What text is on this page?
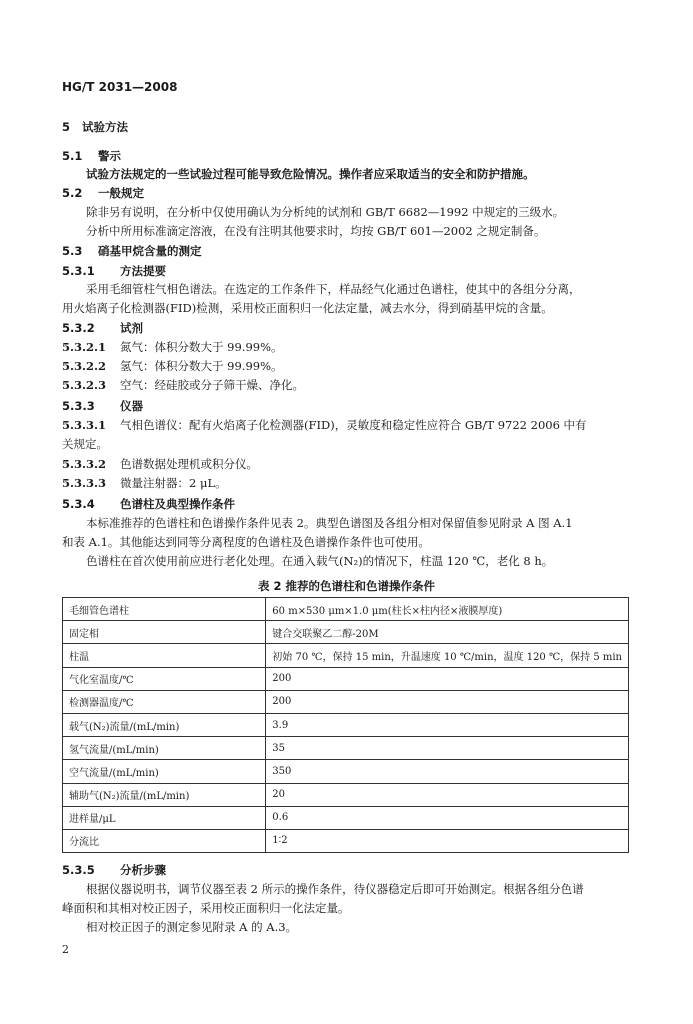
HG/T 2031—2008
5 试验方法
5.1 警示
试验方法规定的一些试验过程可能导致危险情况。操作者应采取适当的安全和防护措施。
5.2 一般规定
除非另有说明，在分析中仅使用确认为分析纯的试剂和 GB/T 6682—1992 中规定的三级水。
分析中所用标准滴定溶液，在没有注明其他要求时，均按 GB/T 601—2002 之规定制备。
5.3 硝基甲烷含量的测定
5.3.1 方法提要
采用毛细管柱气相色谱法。在选定的工作条件下，样品经气化通过色谱柱，使其中的各组分分离，
用火焰离子化检测器(FID)检测，采用校正面积归一化法定量，减去水分，得到硝基甲烷的含量。
5.3.2 试剂
5.3.2.1 氮气：体积分数大于 99.99%。
5.3.2.2 氢气：体积分数大于 99.99%。
5.3.2.3 空气：经硅胶或分子筛干燥、净化。
5.3.3 仪器
5.3.3.1 气相色谱仪：配有火焰离子化检测器(FID)，灵敏度和稳定性应符合 GB/T 9722 2006 中有
关规定。
5.3.3.2 色谱数据处理机或积分仪。
5.3.3.3 微量注射器：2 μL。
5.3.4 色谱柱及典型操作条件
本标准推荐的色谱柱和色谱操作条件见表 2。典型色谱图及各组分相对保留值参见附录 A 图 A.1
和表 A.1。其他能达到同等分离程度的色谱柱及色谱操作条件也可使用。
色谱柱在首次使用前应进行老化处理。在通入载气(N₂)的情况下，柱温 120 ℃，老化 8 h。
表 2 推荐的色谱柱和色谱操作条件
毛细管色谱柱	60 m×530 μm×1.0 μm(柱长×柱内径×液膜厚度)
固定相	键合交联聚乙二醇-20M
柱温	初始 70 ℃，保持 15 min，升温速度 10 ℃/min，温度 120 ℃，保持 5 min
气化室温度/℃	200
检测器温度/℃	200
载气(N₂)流量/(mL/min)	3.9
氢气流量/(mL/min)	35
空气流量/(mL/min)	350
辅助气(N₂)流量/(mL/min)	20
进样量/μL	0.6
分流比	1∶2
5.3.5 分析步骤
根据仪器说明书，调节仪器至表 2 所示的操作条件，待仪器稳定后即可开始测定。根据各组分色谱
峰面积和其相对校正因子，采用校正面积归一化法定量。
相对校正因子的测定参见附录 A 的 A.3。
2
